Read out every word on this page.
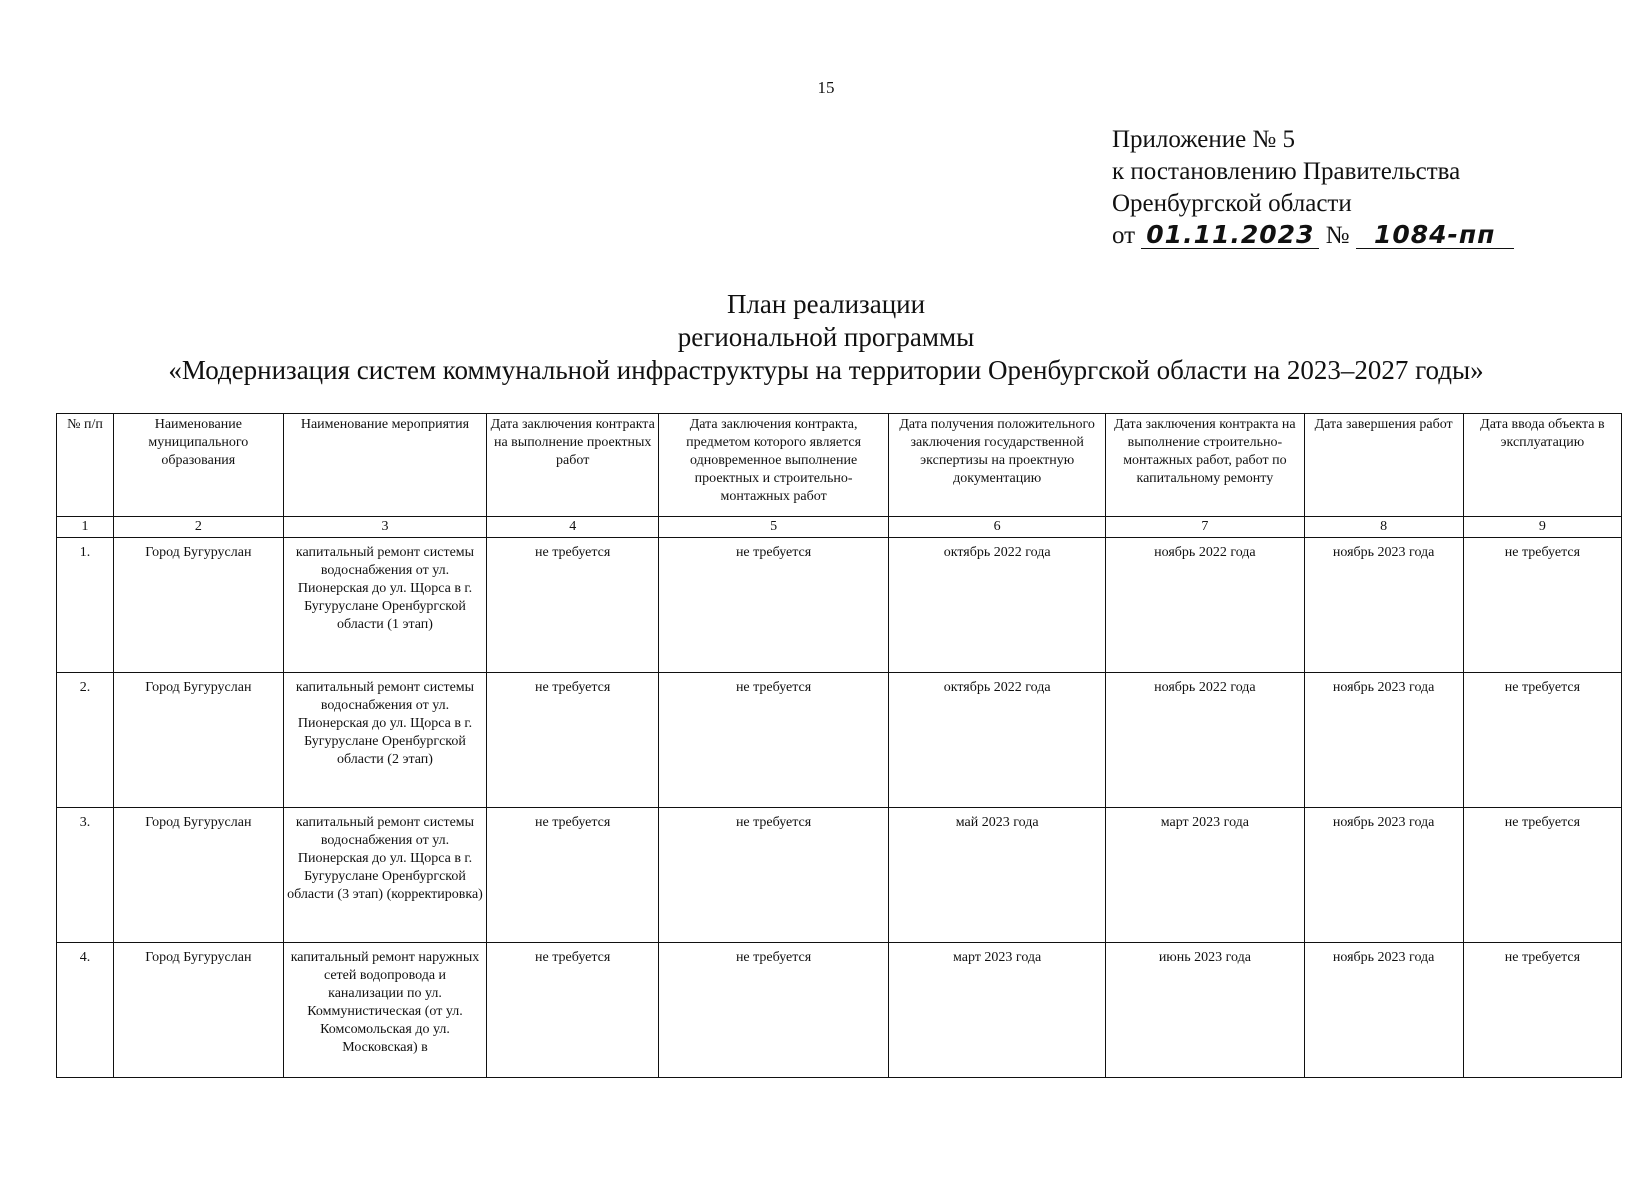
15
Приложение № 5
к постановлению Правительства
Оренбургской области
от 01.11.2023 № 1084-пп
План реализации
региональной программы
«Модернизация систем коммунальной инфраструктуры на территории Оренбургской области на 2023–2027 годы»
№ п/п	Наименование муниципального образования	Наименование мероприятия	Дата заключения контракта на выполнение проектных работ	Дата заключения контракта, предметом которого является одновременное выполнение проектных и строительно-монтажных работ	Дата получения положительного заключения государственной экспертизы на проектную документацию	Дата заключения контракта на выполнение строительно-монтажных работ, работ по капитальному ремонту	Дата завершения работ	Дата ввода объекта в эксплуатацию
1	2	3	4	5	6	7	8	9
1.	Город Бугуруслан	капитальный ремонт системы водоснабжения от ул. Пионерская до ул. Щорса в г. Бугуруслане Оренбургской области (1 этап)	не требуется	не требуется	октябрь 2022 года	ноябрь 2022 года	ноябрь 2023 года	не требуется
2.	Город Бугуруслан	капитальный ремонт системы водоснабжения от ул. Пионерская до ул. Щорса в г. Бугуруслане Оренбургской области (2 этап)	не требуется	не требуется	октябрь 2022 года	ноябрь 2022 года	ноябрь 2023 года	не требуется
3.	Город Бугуруслан	капитальный ремонт системы водоснабжения от ул. Пионерская до ул. Щорса в г. Бугуруслане Оренбургской области (3 этап) (корректировка)	не требуется	не требуется	май 2023 года	март 2023 года	ноябрь 2023 года	не требуется
4.	Город Бугуруслан	капитальный ремонт наружных сетей водопровода и канализации по ул. Коммунистическая (от ул. Комсомольская до ул. Московская) в	не требуется	не требуется	март 2023 года	июнь 2023 года	ноябрь 2023 года	не требуется
